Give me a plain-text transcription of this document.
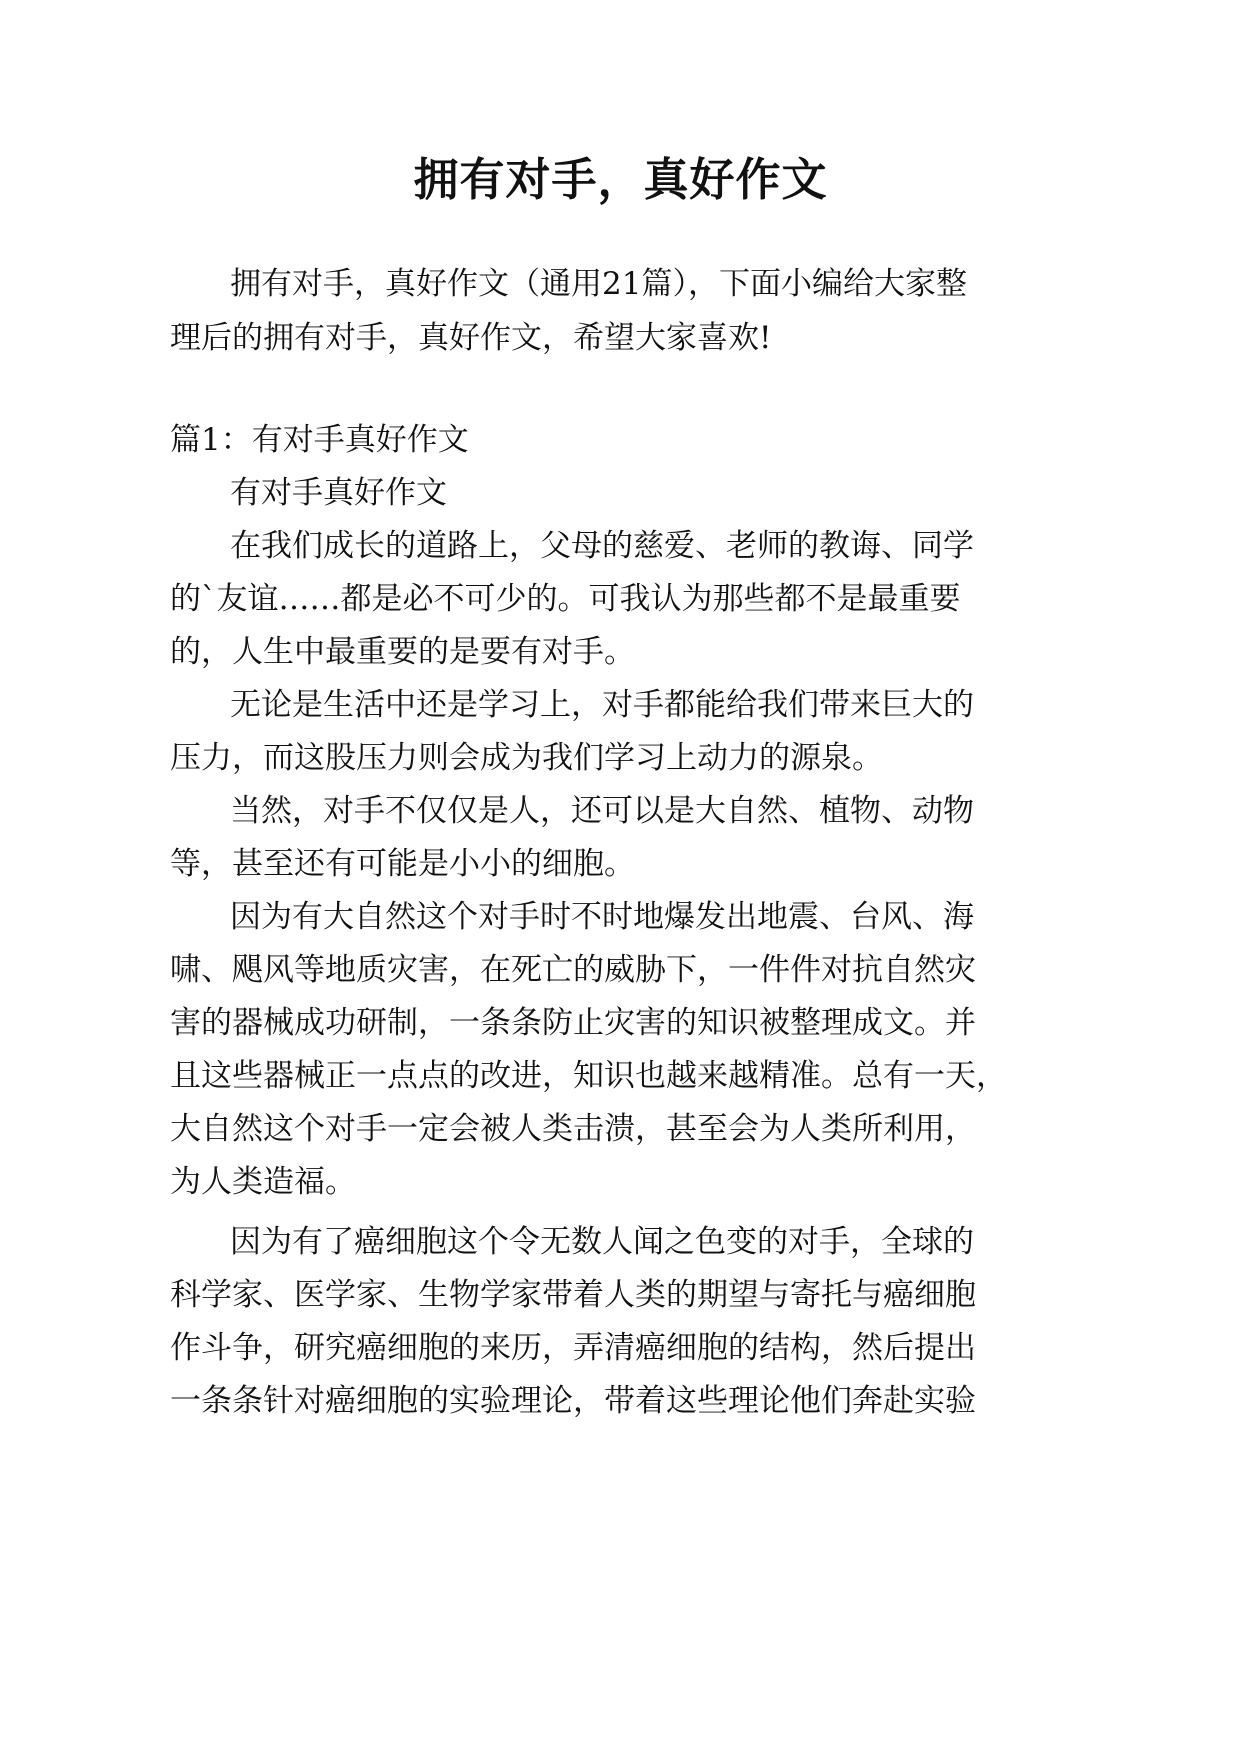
拥有对手，真好作文
拥有对手，真好作文（通用21篇），下面小编给大家整
理后的拥有对手，真好作文，希望大家喜欢!
篇1：有对手真好作文
有对手真好作文
在我们成长的道路上，父母的慈爱、老师的教诲、同学
的`友谊……都是必不可少的。可我认为那些都不是最重要
的，人生中最重要的是要有对手。
无论是生活中还是学习上，对手都能给我们带来巨大的
压力，而这股压力则会成为我们学习上动力的源泉。
当然，对手不仅仅是人，还可以是大自然、植物、动物
等，甚至还有可能是小小的细胞。
因为有大自然这个对手时不时地爆发出地震、台风、海
啸、飓风等地质灾害，在死亡的威胁下，一件件对抗自然灾
害的器械成功研制，一条条防止灾害的知识被整理成文。并
且这些器械正一点点的改进，知识也越来越精准。总有一天，
大自然这个对手一定会被人类击溃，甚至会为人类所利用，
为人类造福。
因为有了癌细胞这个令无数人闻之色变的对手，全球的
科学家、医学家、生物学家带着人类的期望与寄托与癌细胞
作斗争，研究癌细胞的来历，弄清癌细胞的结构，然后提出
一条条针对癌细胞的实验理论，带着这些理论他们奔赴实验
